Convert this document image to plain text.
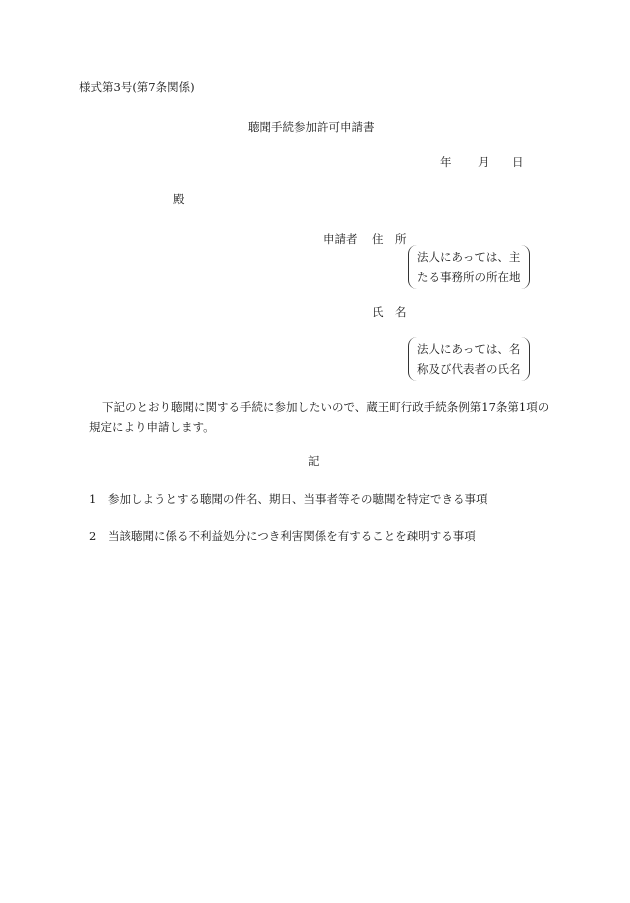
様式第3号(第7条関係)
聴聞手続参加許可申請書
年 月 日
殿
申請者 住　所
法人にあっては、主
たる事務所の所在地
氏　名
法人にあっては、名
称及び代表者の氏名
下記のとおり聴聞に関する手続に参加したいので、蔵王町行政手続条例第17条第1項の規定により申請します。
記
1 参加しようとする聴聞の件名、期日、当事者等その聴聞を特定できる事項
2 当該聴聞に係る不利益処分につき利害関係を有することを疎明する事項
